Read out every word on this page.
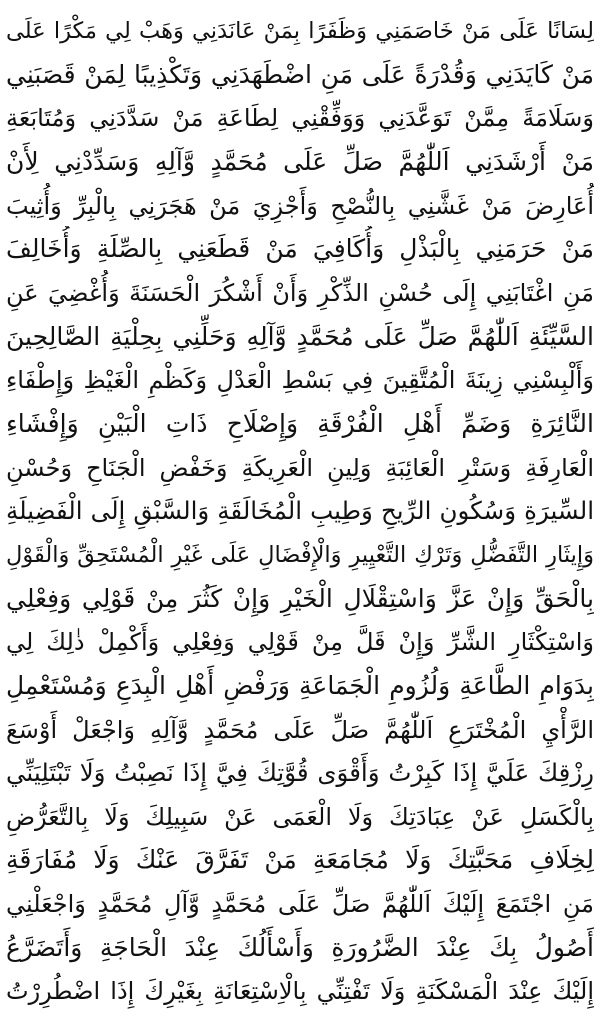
لِسَانًا عَلَى مَنْ خَاصَمَنِي وَظَفَرًا بِمَنْ عَانَدَنِي وَهَبْ لِي مَكْرًا عَلَى
مَنْ كَايَدَنِي وَقُدْرَةً عَلَى مَنِ اضْطَهَدَنِي وَتَكْذِيبًا لِمَنْ قَصَبَنِي
وَسَلَامَةً مِمَّنْ تَوَعَّدَنِي وَوَفِّقْنِي لِطَاعَةِ مَنْ سَدَّدَنِي وَمُتَابَعَةِ
مَنْ أَرْشَدَنِي اَللّٰهُمَّ صَلِّ عَلَى مُحَمَّدٍ وَّآلِهِ وَسَدِّدْنِي لِأَنْ
أُعَارِضَ مَنْ غَشَّنِي بِالنُّصْحِ وَأَجْزِيَ مَنْ هَجَرَنِي بِالْبِرِّ وَأُثِيبَ
مَنْ حَرَمَنِي بِالْبَذْلِ وَأُكَافِيَ مَنْ قَطَعَنِي بِالصِّلَةِ وَأُخَالِفَ
مَنِ اغْتَابَنِي إِلَى حُسْنِ الذِّكْرِ وَأَنْ أَشْكُرَ الْحَسَنَةَ وَأُغْضِيَ عَنِ
السَّيِّئَةِ اَللّٰهُمَّ صَلِّ عَلَى مُحَمَّدٍ وَّآلِهِ وَحَلِّنِي بِحِلْيَةِ الصَّالِحِينَ
وَأَلْبِسْنِي زِينَةَ الْمُتَّقِينَ فِي بَسْطِ الْعَدْلِ وَكَظْمِ الْغَيْظِ وَإِطْفَاءِ
النَّائِرَةِ وَضَمِّ أَهْلِ الْفُرْقَةِ وَإِصْلَاحِ ذَاتِ الْبَيْنِ وَإِفْشَاءِ
الْعَارِفَةِ وَسَتْرِ الْعَائِبَةِ وَلِينِ الْعَرِيكَةِ وَخَفْضِ الْجَنَاحِ وَحُسْنِ
السِّيرَةِ وَسُكُونِ الرِّيحِ وَطِيبِ الْمُخَالَقَةِ وَالسَّبْقِ إِلَى الْفَضِيلَةِ
وَإِيثَارِ التَّفَضُّلِ وَتَرْكِ التَّعْيِيرِ وَالْإِفْضَالِ عَلَى غَيْرِ الْمُسْتَحِقِّ وَالْقَوْلِ
بِالْحَقِّ وَإِنْ عَزَّ وَاسْتِقْلَالِ الْخَيْرِ وَإِنْ كَثُرَ مِنْ قَوْلِي وَفِعْلِي
وَاسْتِكْثَارِ الشَّرِّ وَإِنْ قَلَّ مِنْ قَوْلِي وَفِعْلِي وَأَكْمِلْ ذٰلِكَ لِي
بِدَوَامِ الطَّاعَةِ وَلُزُومِ الْجَمَاعَةِ وَرَفْضِ أَهْلِ الْبِدَعِ وَمُسْتَعْمِلِ
الرَّأْيِ الْمُخْتَرَعِ اَللّٰهُمَّ صَلِّ عَلَى مُحَمَّدٍ وَّآلِهِ وَاجْعَلْ أَوْسَعَ
رِزْقِكَ عَلَيَّ إِذَا كَبِرْتُ وَأَقْوَى قُوَّتِكَ فِيَّ إِذَا نَصِبْتُ وَلَا تَبْتَلِيَنِّي
بِالْكَسَلِ عَنْ عِبَادَتِكَ وَلَا الْعَمَى عَنْ سَبِيلِكَ وَلَا بِالتَّعَرُّضِ
لِخِلَافِ مَحَبَّتِكَ وَلَا مُجَامَعَةِ مَنْ تَفَرَّقَ عَنْكَ وَلَا مُفَارَقَةِ
مَنِ اجْتَمَعَ إِلَيْكَ اَللّٰهُمَّ صَلِّ عَلَى مُحَمَّدٍ وَّآلِ مُحَمَّدٍ وَاجْعَلْنِي
أَصُولُ بِكَ عِنْدَ الضَّرُورَةِ وَأَسْأَلُكَ عِنْدَ الْحَاجَةِ وَأَتَضَرَّعُ
إِلَيْكَ عِنْدَ الْمَسْكَنَةِ وَلَا تَفْتِنِّي بِالْاِسْتِعَانَةِ بِغَيْرِكَ إِذَا اضْطُرِرْتُ
